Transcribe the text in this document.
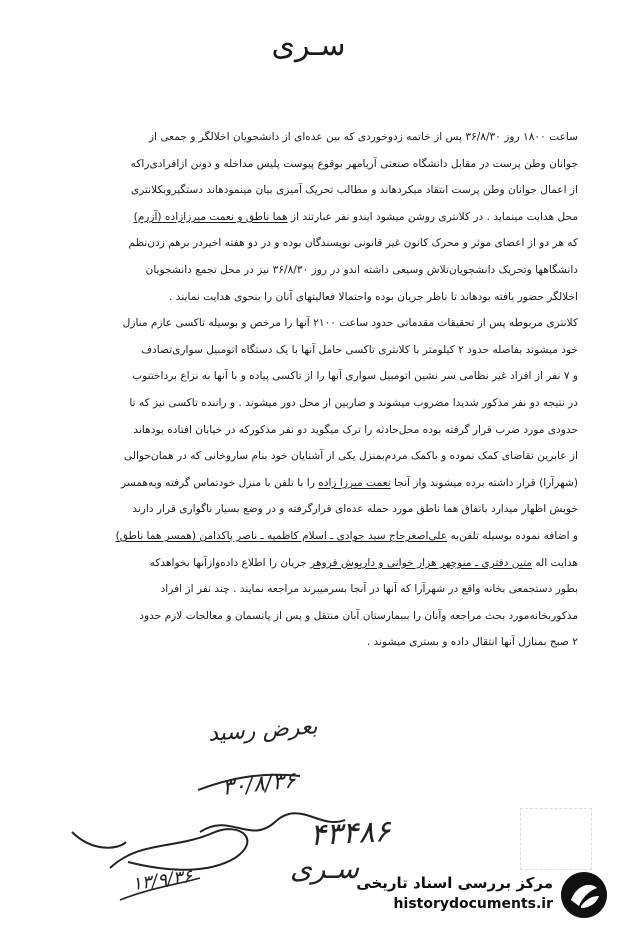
سـرى

ساعت ۱۸۰۰ روز ۳۶/۸/۳۰ پس از خاتمه زدوخوردی که بین عده‌ای از دانشجویان اخلالگر و جمعی از

جوانان وطن پرست در مقابل دانشگاه صنعتی آریامهر بوقوع پیوست پلیس مداخله و دونن ازافرادی‌راکه

از اعمال جوانان وطن پرست انتقاد میکردهاند و مطالب تحریک آمیزی بیان مینمودهاند دستگیروبکلانتری

محل هدایت مینماید . در کلانتری روشن میشود ایندو نفر عبارتند از هما ناطق و نعمت میرزازاده (آزرم)

که هر دو از اعضای موثر و محرک کانون غیر قانونی نویسندگان بوده و در دو هفته اخیردر برهم زدن‌نظم

دانشگاهها وتحریک دانشجویان‌تلاش وسیعی داشته اندو در روز ۳۶/۸/۳۰ نیز در محل تجمع دانشجویان

اخلالگر حضور یافته بودهاند تا ناظر جریان بوده واحتمالا فعالیتهای آنان را بنحوی هدایت نمایند .

کلانتری مربوطه پس از تحقیقات مقدماتی حدود ساعت ۲۱۰۰ آنها را مرخص و بوسیله تاکسی عازم منازل

خود میشوند بفاصله حدود ۲ کیلومتر با کلانتری تاکسی حامل آنها با یک دستگاه اتومبیل سواری‌تصادف

و ۷ نفر از افراد غیر نظامی سر نشین اتومبیل سواری آنها را از تاکسی پیاده و با آنها به نزاع برداختنوب

در نتیجه دو نفر مذکور شدیدا مضروب میشوند و ضاربین از محل دور میشوند . و راننده تاکسی نیز که تا

حدودی مورد ضرب قرار گرفته بوده محل‌حادثه را ترک میگوید دو نفر مذکورکه در خیابان افتاده بودهاند

از عابرین تقاضای کمک نموده و باکمک مردم‌بمنزل یکی از آشنایان خود بنام ساروخانی که در همان‌حوالی

(شهرآرا) قرار داشته برده میشوند واز آنجا نعمت میرزا زاده را با تلفن با منزل خودتماس گرفته وبه‌همسر

خویش اظهار میدارد باتفاق هما ناطق مورد حمله عده‌ای قرارگرفته و در وضع بسیار ناگواری قرار دارند

و اضافه نموده بوسیله تلفن‌به علی‌اصغرحاج سید جوادی ـ اسلام کاظمیه ـ ناصر پاکدامن (همسر هما ناطق)

هدایت اله متین دفتری ـ منوچهر هزار خوانی و داریوش فروهر جریان را اطلاع داده‌واز‌آنها بخواهدکه

بطور دستجمعی بخانه واقع در شهرآرا که آنها در آنجا بسرمیبرند مراجعه نمایند . چند نفر از افراد

مذکوربخانه‌مورد بحث مراجعه وآنان را ببیمارستان آبان منتقل و پس از پانسمان و معالجات لازم حدود

۲ صبح بمنازل آنها انتقال داده و بستری میشوند .

بعرض رسید
۳۰/۸/۳۶
۴۳۴۸۶
سـرى
۱۳/۹/۳۶	مرکز بررسی اسناد تاریخی
historydocuments.ir
